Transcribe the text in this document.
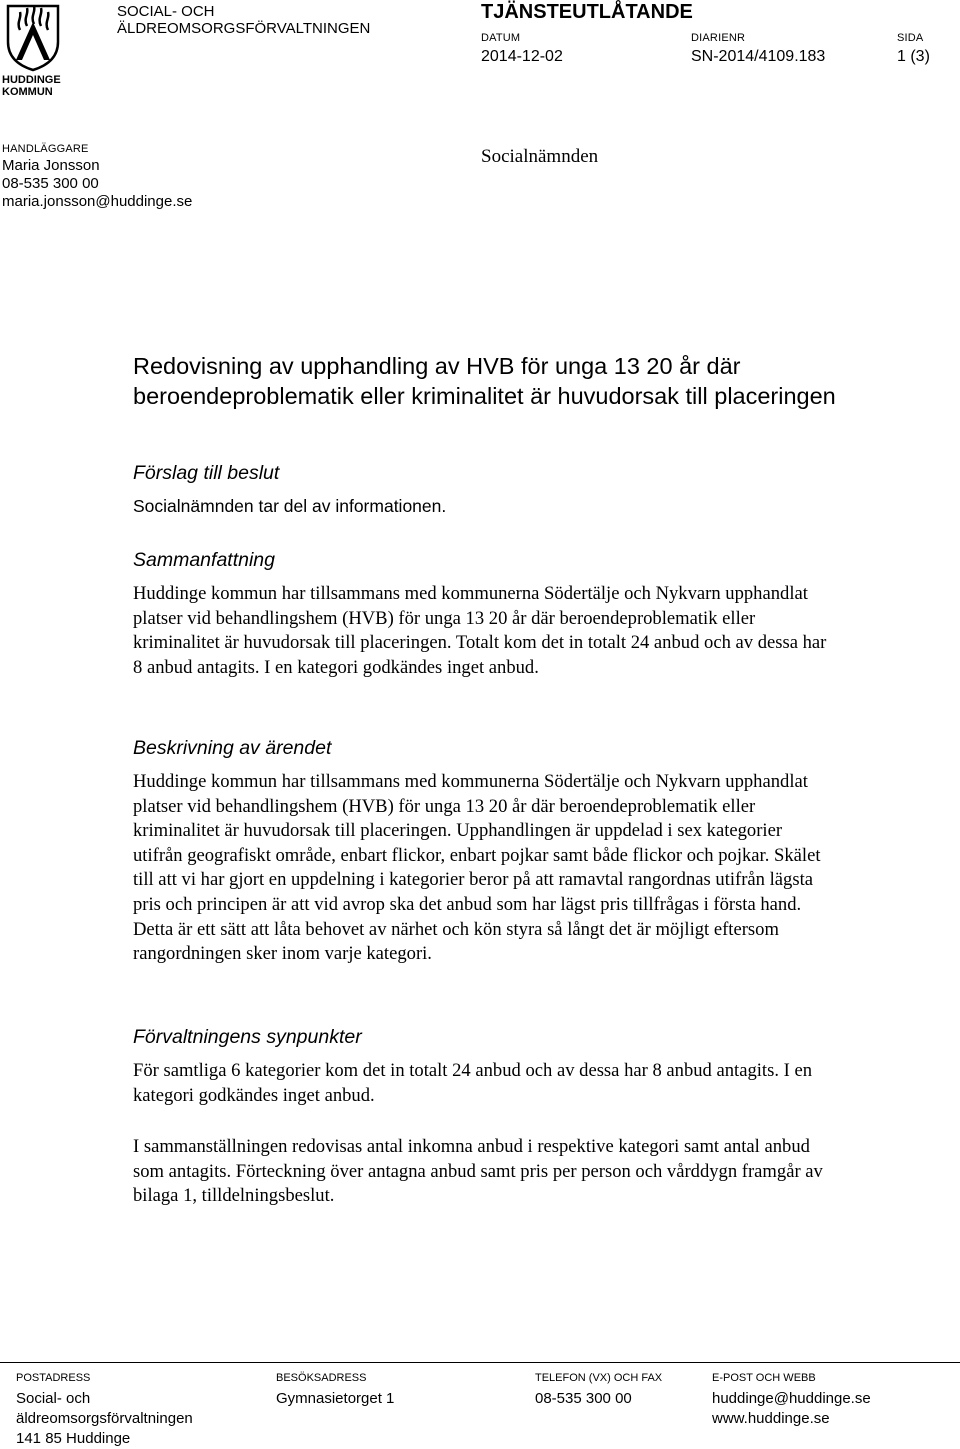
HUDDINGE
KOMMUN
SOCIAL- OCH
ÄLDREOMSORGSFÖRVALTNINGEN
TJÄNSTEUTLÅTANDE
DATUM
2014-12-02
DIARIENR
SN-2014/4109.183
SIDA
1 (3)
HANDLÄGGARE
Maria Jonsson
08-535 300 00
maria.jonsson@huddinge.se
Socialnämnden
Redovisning av upphandling av HVB för unga 13 20 år där beroendeproblematik eller kriminalitet är huvudorsak till placeringen
Förslag till beslut

Socialnämnden tar del av informationen.

Sammanfattning

Huddinge kommun har tillsammans med kommunerna Södertälje och Nykvarn upphandlat platser vid behandlingshem (HVB) för unga 13 20 år där beroendeproblematik eller kriminalitet är huvudorsak till placeringen. Totalt kom det in totalt 24 anbud och av dessa har 8 anbud antagits. I en kategori godkändes inget anbud.

Beskrivning av ärendet

Huddinge kommun har tillsammans med kommunerna Södertälje och Nykvarn upphandlat platser vid behandlingshem (HVB) för unga 13 20 år där beroendeproblematik eller kriminalitet är huvudorsak till placeringen. Upphandlingen är uppdelad i sex kategorier utifrån geografiskt område, enbart flickor, enbart pojkar samt både flickor och pojkar. Skälet till att vi har gjort en uppdelning i kategorier beror på att ramavtal rangordnas utifrån lägsta pris och principen är att vid avrop ska det anbud som har lägst pris tillfrågas i första hand. Detta är ett sätt att låta behovet av närhet och kön styra så långt det är möjligt eftersom rangordningen sker inom varje kategori.

Förvaltningens synpunkter

För samtliga 6 kategorier kom det in totalt 24 anbud och av dessa har 8 anbud antagits. I en kategori godkändes inget anbud.

I sammanställningen redovisas antal inkomna anbud i respektive kategori samt antal anbud som antagits. Förteckning över antagna anbud samt pris per person och vårddygn framgår av bilaga 1, tilldelningsbeslut.

POSTADRESS
Social- och
äldreomsorgsförvaltningen
141 85 Huddinge
BESÖKSADRESS
Gymnasietorget 1
TELEFON (VX) OCH FAX
08-535 300 00
E-POST OCH WEBB
huddinge@huddinge.se
www.huddinge.se
